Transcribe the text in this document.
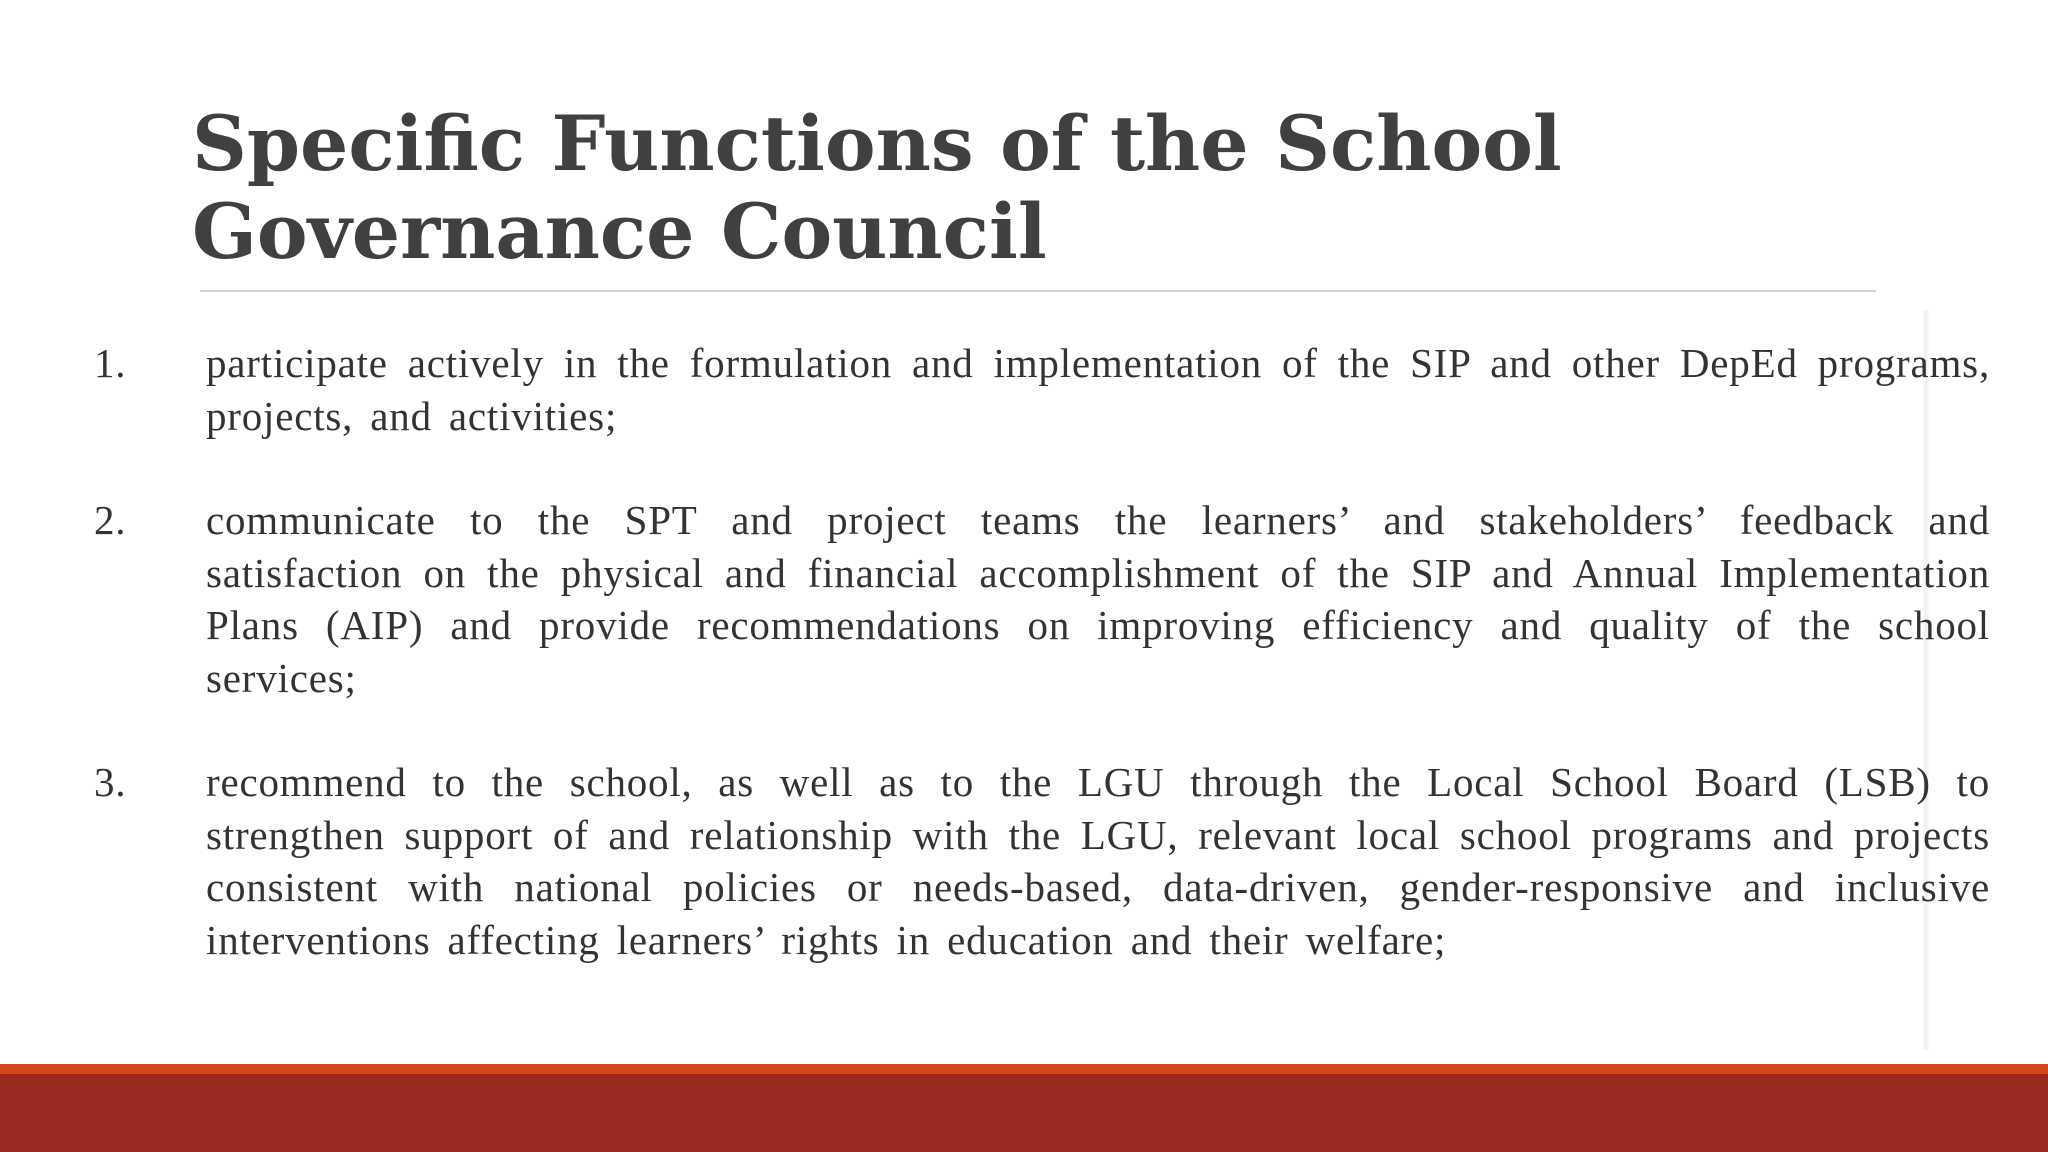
Specific Functions of the School Governance Council
1. participate actively in the formulation and implementation of the SIP and other DepEd programs, projects, and activities;
2. communicate to the SPT and project teams the learners’ and stakeholders’ feedback and satisfaction on the physical and financial accomplishment of the SIP and Annual Implementation Plans (AIP) and provide recommendations on improving efficiency and quality of the school services;
3. recommend to the school, as well as to the LGU through the Local School Board (LSB) to strengthen support of and relationship with the LGU, relevant local school programs and projects consistent with national policies or needs-based, data-driven, gender-responsive and inclusive interventions affecting learners’ rights in education and their welfare;
